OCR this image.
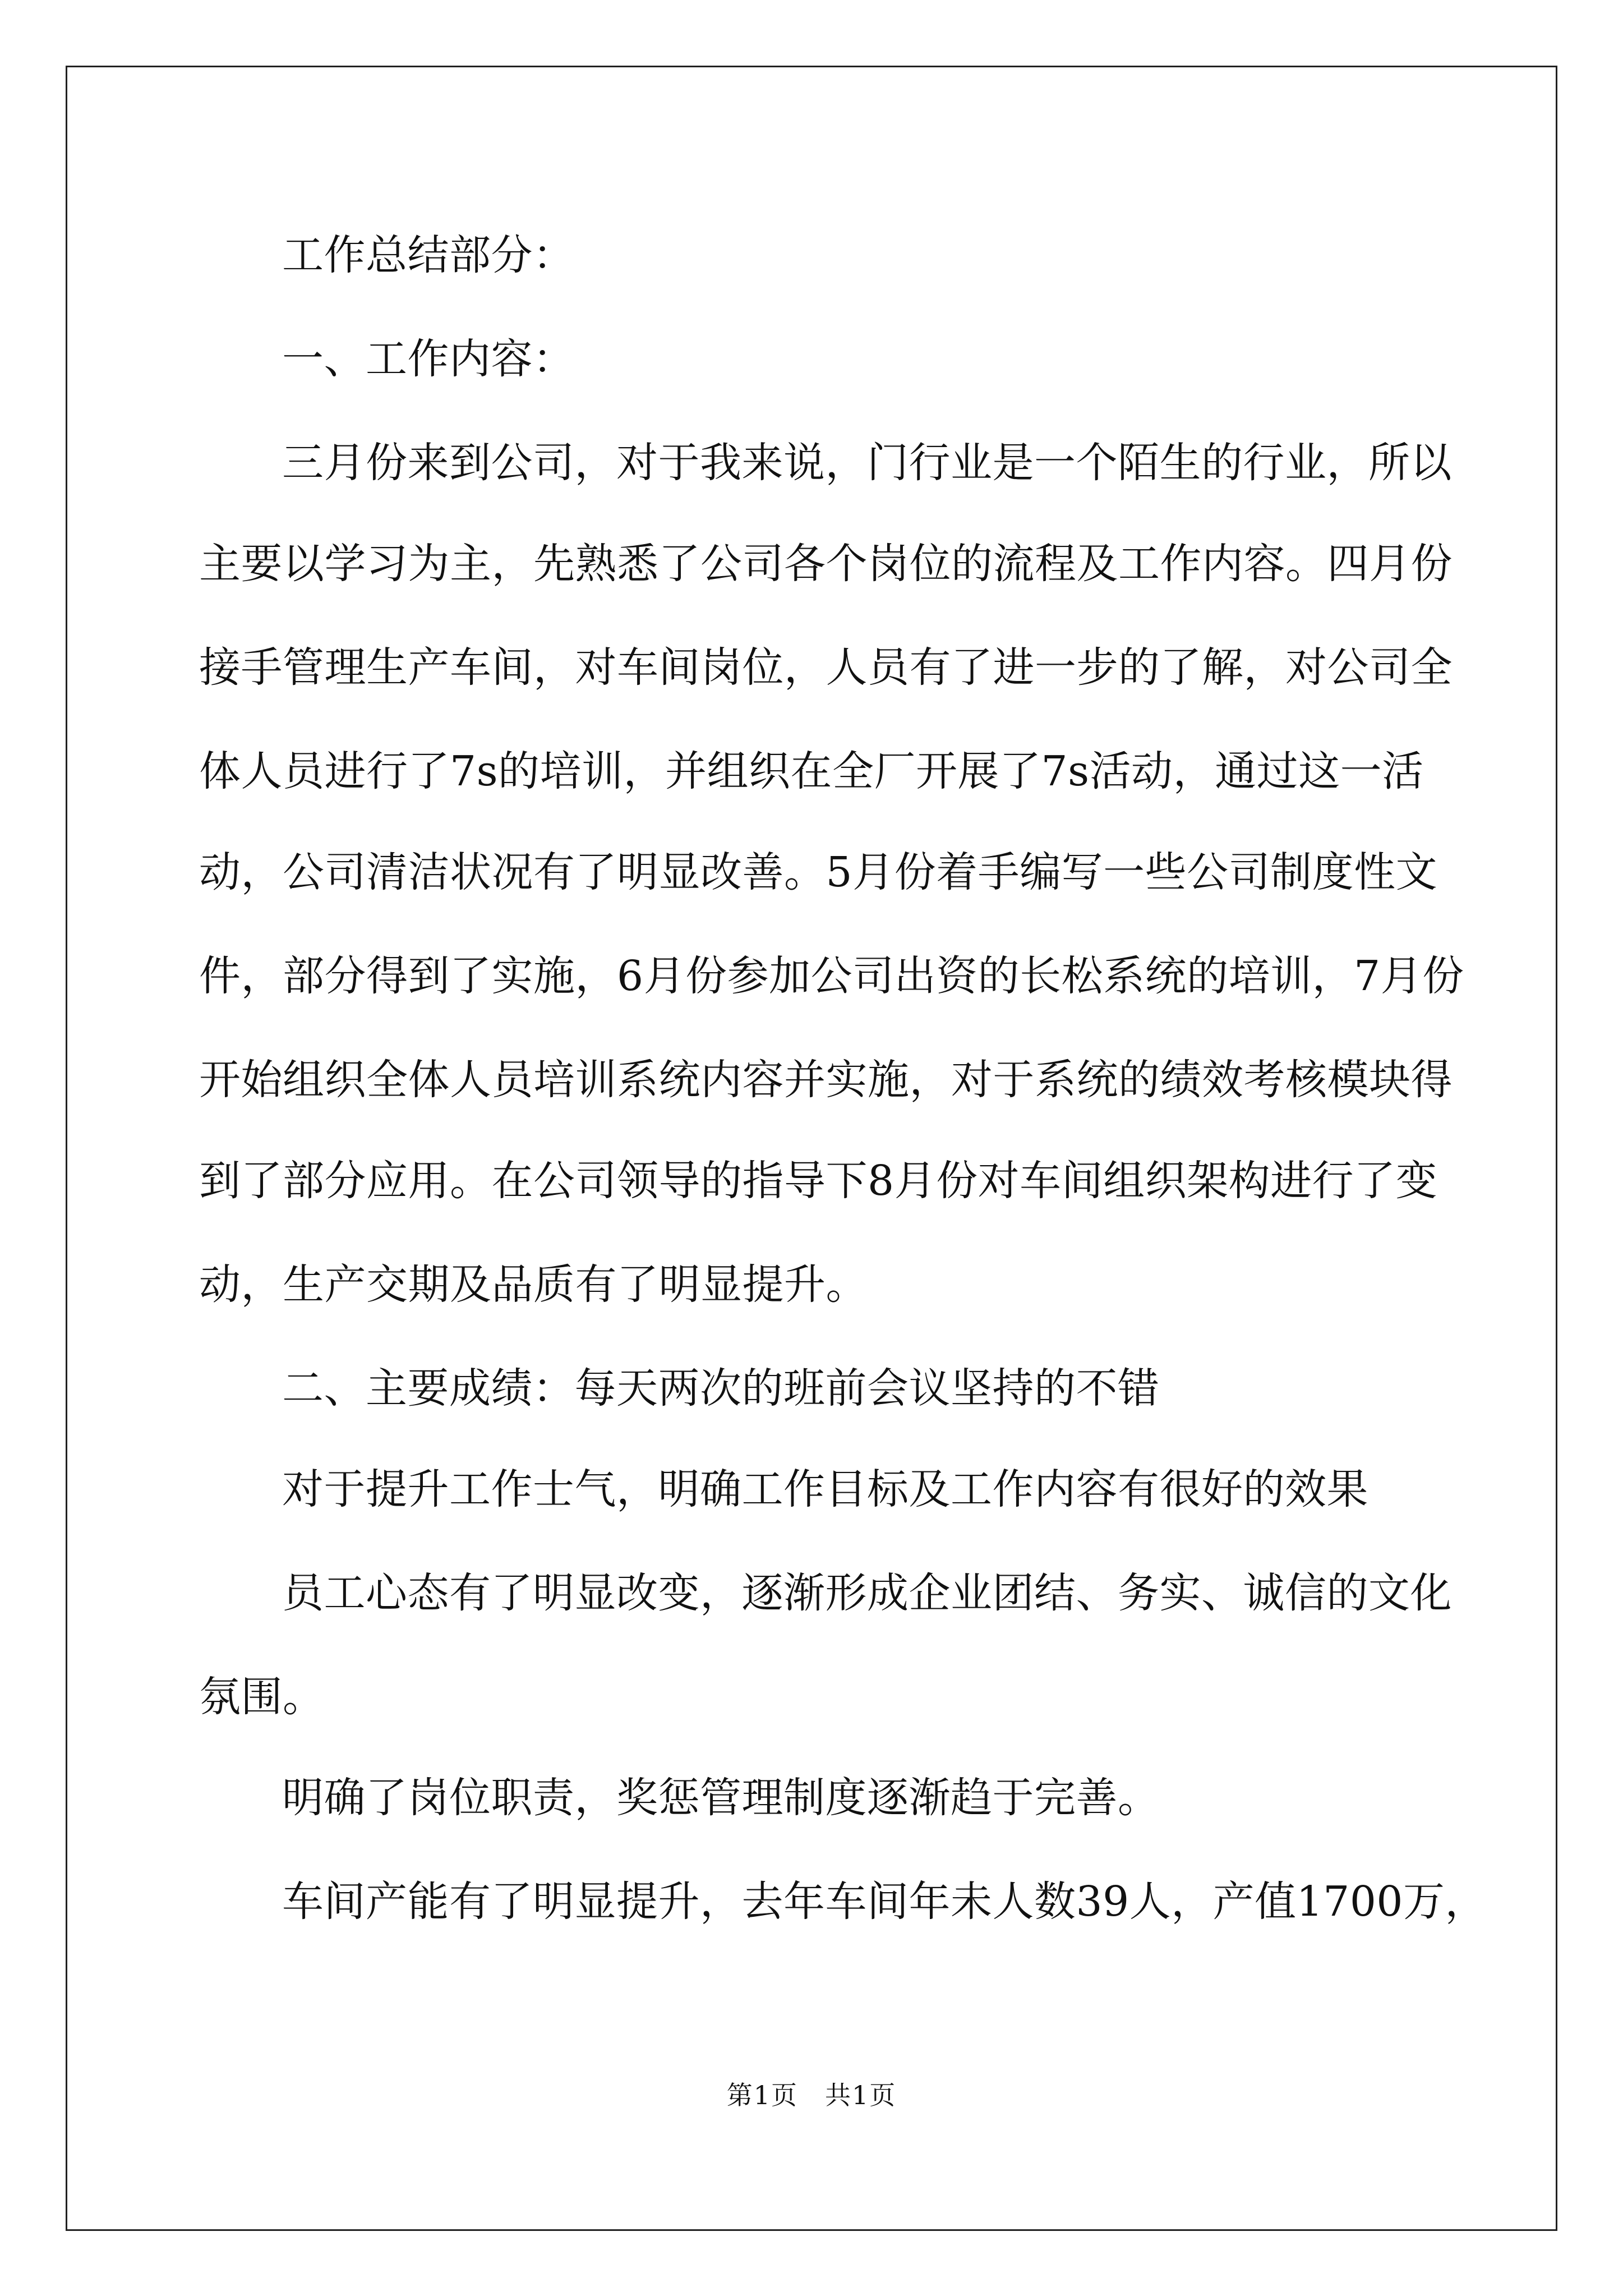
工作总结部分：
一、工作内容：
三月份来到公司，对于我来说，门行业是一个陌生的行业，所以
主要以学习为主，先熟悉了公司各个岗位的流程及工作内容。四月份
接手管理生产车间，对车间岗位，人员有了进一步的了解，对公司全
体人员进行了7s的培训，并组织在全厂开展了7s活动，通过这一活
动，公司清洁状况有了明显改善。5月份着手编写一些公司制度性文
件，部分得到了实施，6月份参加公司出资的长松系统的培训，7月份
开始组织全体人员培训系统内容并实施，对于系统的绩效考核模块得
到了部分应用。在公司领导的指导下8月份对车间组织架构进行了变
动，生产交期及品质有了明显提升。
二、主要成绩：每天两次的班前会议坚持的不错
对于提升工作士气，明确工作目标及工作内容有很好的效果
员工心态有了明显改变，逐渐形成企业团结、务实、诚信的文化
氛围。
明确了岗位职责，奖惩管理制度逐渐趋于完善。
车间产能有了明显提升，去年车间年未人数39人，产值1700万，
第1页　共1页
